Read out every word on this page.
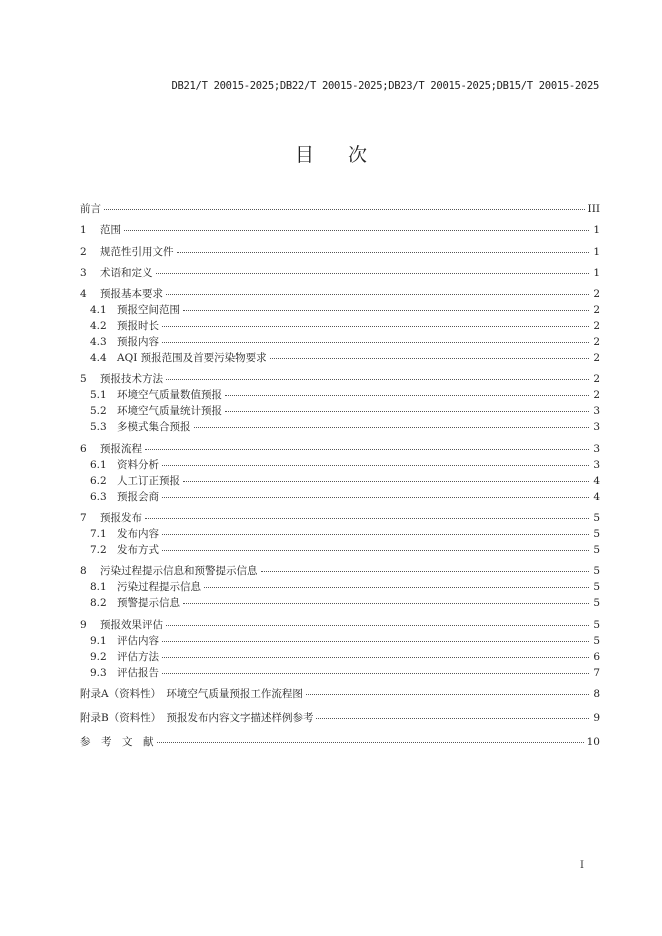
DB21/T 20015-2025;DB22/T 20015-2025;DB23/T 20015-2025;DB15/T 20015-2025
目次
前言	III
1	范围	1
2	规范性引用文件	1
3	术语和定义	1
4	预报基本要求	2
4.1 预报空间范围	2
4.2 预报时长	2
4.3 预报内容	2
4.4 AQI 预报范围及首要污染物要求	2
5	预报技术方法	2
5.1 环境空气质量数值预报	2
5.2 环境空气质量统计预报	3
5.3 多模式集合预报	3
6	预报流程	3
6.1 资料分析	3
6.2 人工订正预报	4
6.3 预报会商	4
7	预报发布	5
7.1 发布内容	5
7.2 发布方式	5
8	污染过程提示信息和预警提示信息	5
8.1 污染过程提示信息	5
8.2 预警提示信息	5
9	预报效果评估	5
9.1 评估内容	5
9.2 评估方法	6
9.3 评估报告	7
附录A（资料性）　环境空气质量预报工作流程图	8
附录B（资料性）　预报发布内容文字描述样例参考	9
参　考　文　献	10
I
